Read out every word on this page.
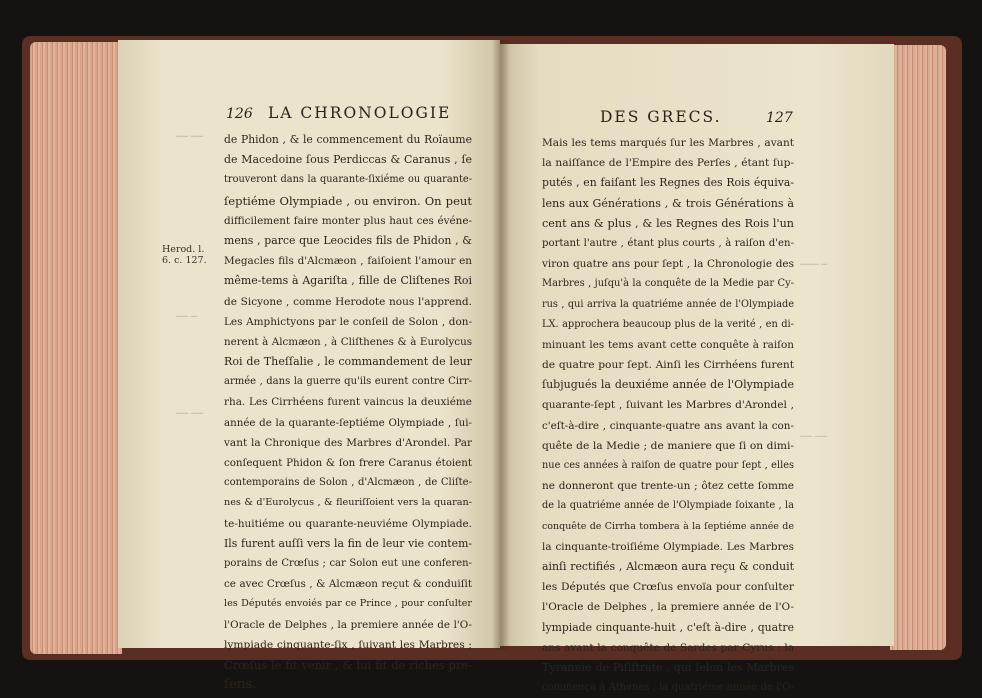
▁▁ ▁▁
▁▁ ▁
▁▁ ▁▁
▁▁▁ ▁
▁▁ ▁▁
126 LA CHRONOLOGIE
Herod. l.
6. c. 127.
de Phidon , & le commencement du Roïaume
de Macedoine ſous Perdiccas & Caranus , ſe
trouveront dans la quarante-ſixiéme ou quarante-
ſeptiéme Olympiade , ou environ. On peut
difficilement faire monter plus haut ces événe-
mens , parce que Leocides fils de Phidon , &
Megacles fils d'Alcmæon , faiſoient l'amour en
même-tems à Agariſta , fille de Cliſtenes Roi
de Sicyone , comme Herodote nous l'apprend.
Les Amphictyons par le conſeil de Solon , don-
nerent à Alcmæon , à Cliſthenes & à Eurolycus
Roi de Theſſalie , le commandement de leur
armée , dans la guerre qu'ils eurent contre Cirr-
rha. Les Cirrhéens furent vaincus la deuxiéme
année de la quarante-ſeptiéme Olympiade , ſui-
vant la Chronique des Marbres d'Arondel. Par
conſequent Phidon & ſon frere Caranus étoient
contemporains de Solon , d'Alcmæon , de Cliſte-
nes & d'Eurolycus , & fleuriſſoient vers la quaran-
te-huitiéme ou quarante-neuviéme Olympiade.
Ils furent auſſi vers la fin de leur vie contem-
porains de Crœſus ; car Solon eut une conferen-
ce avec Crœſus , & Alcmæon reçut & conduiſit
les Députés envoiés par ce Prince , pour conſulter
l'Oracle de Delphes , la premiere année de l'O-
lympiade cinquante-ſix , ſuivant les Marbres ;
Crœſus le fit venir , & lui fit de riches pre-
ſens.
DES GRECS.	127
Mais les tems marqués ſur les Marbres , avant
la naiſſance de l'Empire des Perſes , étant ſup-
putés , en faiſant les Regnes des Rois équiva-
lens aux Générations , & trois Générations à
cent ans & plus , & les Regnes des Rois l'un
portant l'autre , étant plus courts , à raiſon d'en-
viron quatre ans pour ſept , la Chronologie des
Marbres , juſqu'à la conquête de la Medie par Cy-
rus , qui arriva la quatriéme année de l'Olympiade
LX. approchera beaucoup plus de la verité , en di-
minuant les tems avant cette conquête à raiſon
de quatre pour ſept. Ainſi les Cirrhéens furent
ſubjugués la deuxiéme année de l'Olympiade
quarante-ſept , ſuivant les Marbres d'Arondel ,
c'eſt-à-dire , cinquante-quatre ans avant la con-
quête de la Medie ; de maniere que ſi on dimi-
nue ces années à raiſon de quatre pour ſept , elles
ne donneront que trente-un ; ôtez cette ſomme
de la quatriéme année de l'Olympiade ſoixante , la
conquête de Cirrha tombera à la ſeptiéme année de
la cinquante-troiſiéme Olympiade. Les Marbres
ainſi rectifiés , Alcmæon aura reçu & conduit
les Députés que Crœſus envoïa pour conſulter
l'Oracle de Delphes , la premiere année de l'O-
lympiade cinquante-huit , c'eſt à-dire , quatre
ans avant la conquête de Sardes par Cyrus : la
Tyrannie de Piſiſtrate , qui ſelon les Marbres
commença à Athenes , la quatriéme année de l'O-
